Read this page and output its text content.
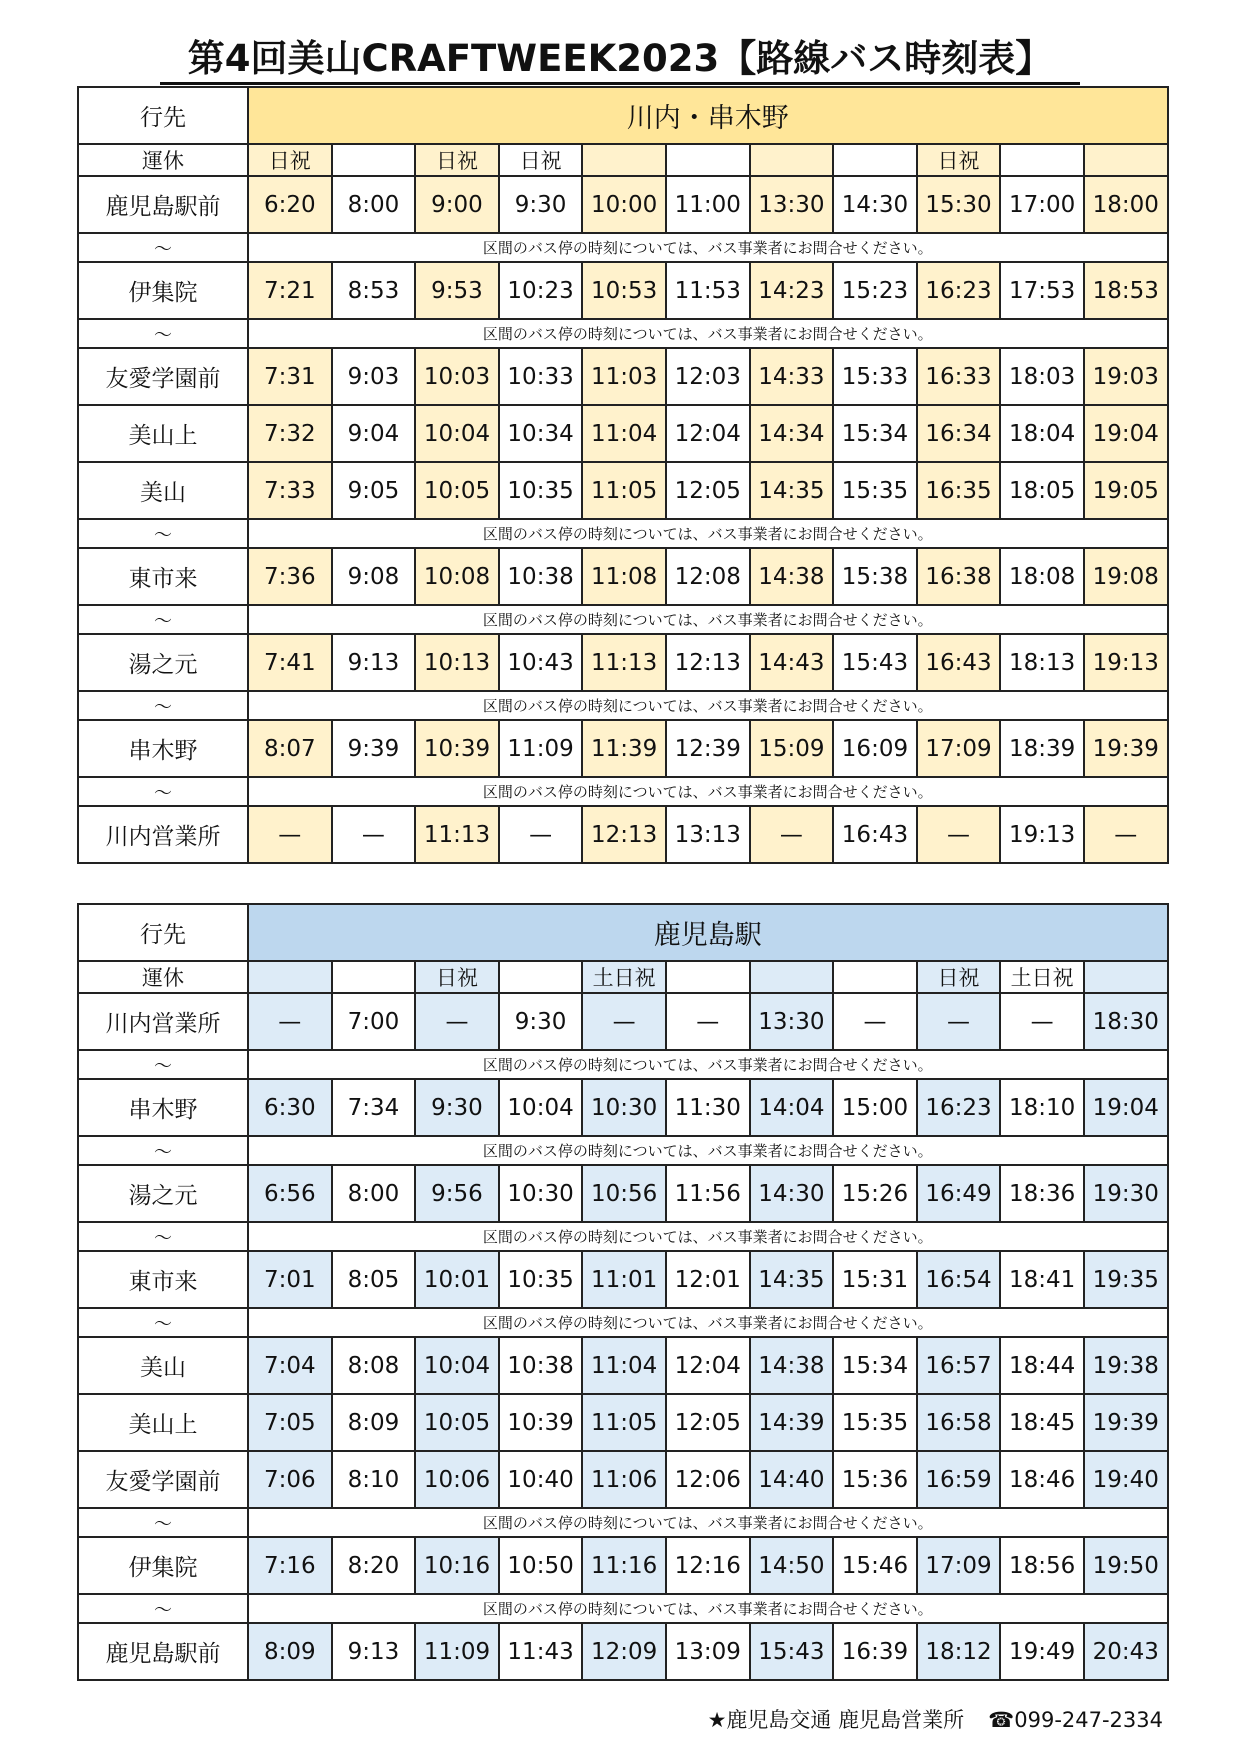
第4回美山CRAFTWEEK2023【路線バス時刻表】
行先	川内・串木野										
運休	日祝		日祝	日祝					日祝		
鹿児島駅前	6:20	8:00	9:00	9:30	10:00	11:00	13:30	14:30	15:30	17:00	18:00
〜	区間のバス停の時刻については、バス事業者にお問合せください。										
伊集院	7:21	8:53	9:53	10:23	10:53	11:53	14:23	15:23	16:23	17:53	18:53
〜	区間のバス停の時刻については、バス事業者にお問合せください。										
友愛学園前	7:31	9:03	10:03	10:33	11:03	12:03	14:33	15:33	16:33	18:03	19:03
美山上	7:32	9:04	10:04	10:34	11:04	12:04	14:34	15:34	16:34	18:04	19:04
美山	7:33	9:05	10:05	10:35	11:05	12:05	14:35	15:35	16:35	18:05	19:05
〜	区間のバス停の時刻については、バス事業者にお問合せください。										
東市来	7:36	9:08	10:08	10:38	11:08	12:08	14:38	15:38	16:38	18:08	19:08
〜	区間のバス停の時刻については、バス事業者にお問合せください。										
湯之元	7:41	9:13	10:13	10:43	11:13	12:13	14:43	15:43	16:43	18:13	19:13
〜	区間のバス停の時刻については、バス事業者にお問合せください。										
串木野	8:07	9:39	10:39	11:09	11:39	12:39	15:09	16:09	17:09	18:39	19:39
〜	区間のバス停の時刻については、バス事業者にお問合せください。										
川内営業所	—	—	11:13	—	12:13	13:13	—	16:43	—	19:13	—
行先	鹿児島駅										
運休			日祝		土日祝				日祝	土日祝	
川内営業所	—	7:00	—	9:30	—	—	13:30	—	—	—	18:30
〜	区間のバス停の時刻については、バス事業者にお問合せください。										
串木野	6:30	7:34	9:30	10:04	10:30	11:30	14:04	15:00	16:23	18:10	19:04
〜	区間のバス停の時刻については、バス事業者にお問合せください。										
湯之元	6:56	8:00	9:56	10:30	10:56	11:56	14:30	15:26	16:49	18:36	19:30
〜	区間のバス停の時刻については、バス事業者にお問合せください。										
東市来	7:01	8:05	10:01	10:35	11:01	12:01	14:35	15:31	16:54	18:41	19:35
〜	区間のバス停の時刻については、バス事業者にお問合せください。										
美山	7:04	8:08	10:04	10:38	11:04	12:04	14:38	15:34	16:57	18:44	19:38
美山上	7:05	8:09	10:05	10:39	11:05	12:05	14:39	15:35	16:58	18:45	19:39
友愛学園前	7:06	8:10	10:06	10:40	11:06	12:06	14:40	15:36	16:59	18:46	19:40
〜	区間のバス停の時刻については、バス事業者にお問合せください。										
伊集院	7:16	8:20	10:16	10:50	11:16	12:16	14:50	15:46	17:09	18:56	19:50
〜	区間のバス停の時刻については、バス事業者にお問合せください。										
鹿児島駅前	8:09	9:13	11:09	11:43	12:09	13:09	15:43	16:39	18:12	19:49	20:43
★鹿児島交通 鹿児島営業所 ☎099-247-2334
